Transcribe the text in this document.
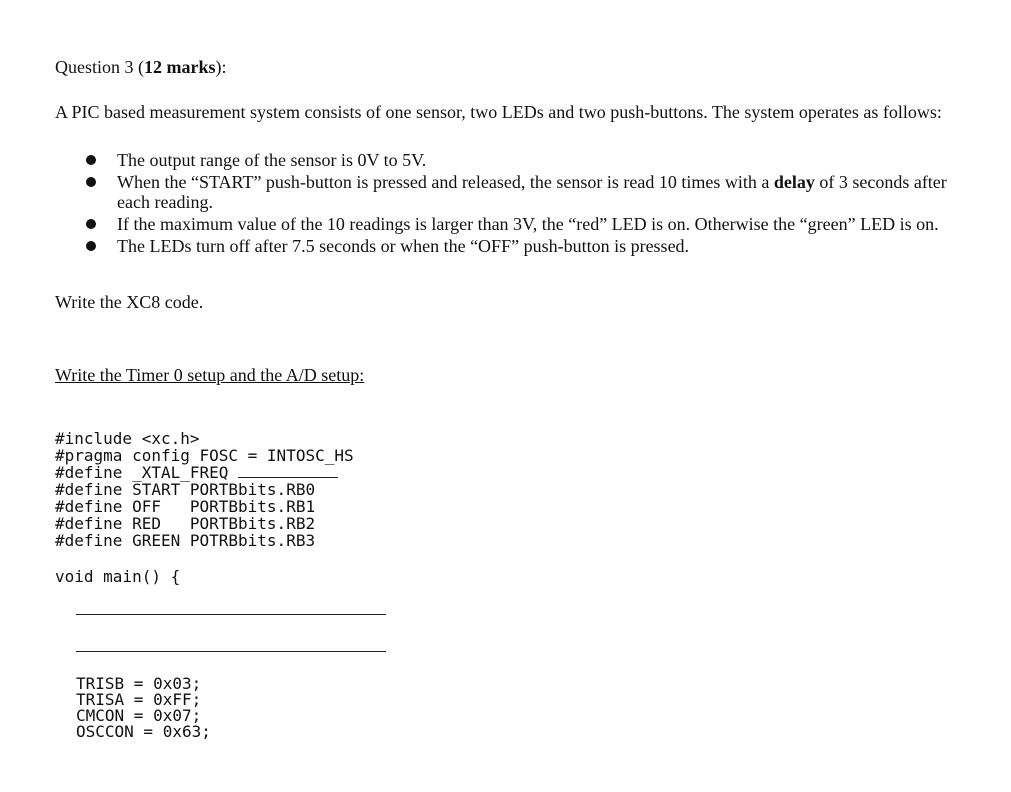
Question 3 (12 marks):
A PIC based measurement system consists of one sensor, two LEDs and two push-buttons. The system operates as follows:
The output range of the sensor is 0V to 5V.
When the “START” push-button is pressed and released, the sensor is read 10 times with a delay of 3 seconds after each reading.
If the maximum value of the 10 readings is larger than 3V, the “red” LED is on. Otherwise the “green” LED is on.
The LEDs turn off after 7.5 seconds or when the “OFF” push-button is pressed.
Write the XC8 code.
Write the Timer 0 setup and the A/D setup:
#include <xc.h>
#pragma config FOSC = INTOSC_HS
#define _XTAL_FREQ
#define START PORTBbits.RB0
#define OFF   PORTBbits.RB1
#define RED   PORTBbits.RB2
#define GREEN POTRBbits.RB3
void main() {
TRISB = 0x03;
TRISA = 0xFF;
CMCON = 0x07;
OSCCON = 0x63;
